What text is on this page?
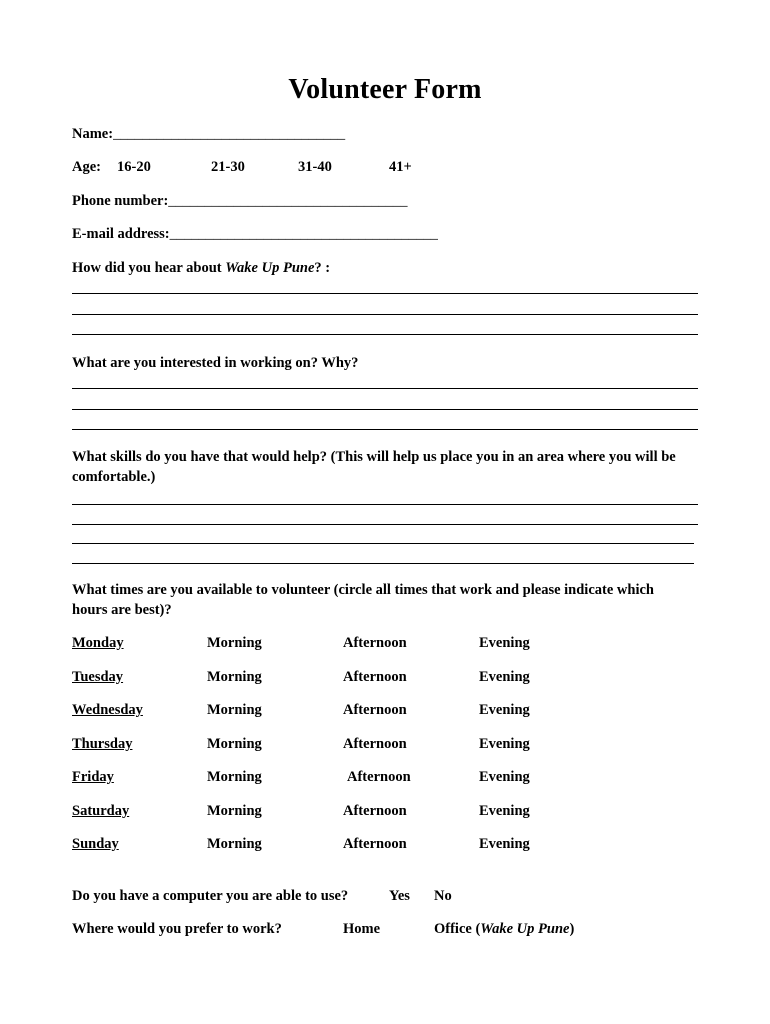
Volunteer Form
Name:________________________________
Age: 16-20	21-30	31-40	41+
Phone number:_________________________________
E-mail address:_____________________________________
How did you hear about Wake Up Pune? :
What are you interested in working on? Why?
What skills do you have that would help? (This will help us place you in an area where you will be comfortable.)
What times are you available to volunteer (circle all times that work and please indicate which hours are best)?
Monday	Morning	Afternoon	Evening
Tuesday	Morning	Afternoon	Evening
Wednesday	Morning	Afternoon	Evening
Thursday	Morning	Afternoon	Evening
Friday	Morning	Afternoon	Evening
Saturday	Morning	Afternoon	Evening
Sunday	Morning	Afternoon	Evening
Do you have a computer you are able to use?	Yes No
Where would you prefer to work?	Home	Office (Wake Up Pune)
